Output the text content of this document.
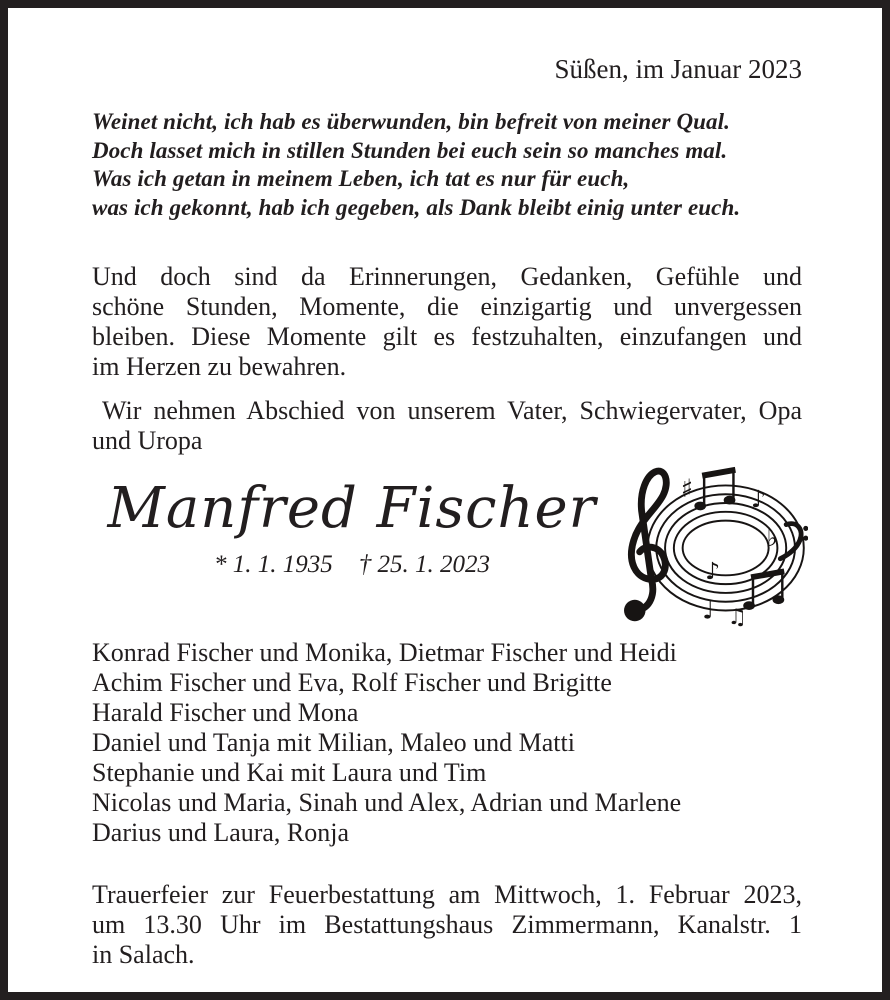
Süßen, im Januar 2023
Weinet nicht, ich hab es überwunden, bin befreit von meiner Qual.
Doch lasset mich in stillen Stunden bei euch sein so manches mal.
Was ich getan in meinem Leben, ich tat es nur für euch,
was ich gekonnt, hab ich gegeben, als Dank bleibt einig unter euch.
Und doch sind da Erinnerungen, Gedanken, Gefühle und
schöne Stunden, Momente, die einzigartig und unvergessen
bleiben. Diese Momente gilt es festzuhalten, einzufangen und
im Herzen zu bewahren.
Wir nehmen Abschied von unserem Vater, Schwiegervater, Opa
und Uropa
Manfred Fischer
* 1. 1. 1935 † 25. 1. 2023
♯ ♪
♭
♪
♩ ♫
Konrad Fischer und Monika, Dietmar Fischer und Heidi
Achim Fischer und Eva, Rolf Fischer und Brigitte
Harald Fischer und Mona
Daniel und Tanja mit Milian, Maleo und Matti
Stephanie und Kai mit Laura und Tim
Nicolas und Maria, Sinah und Alex, Adrian und Marlene
Darius und Laura, Ronja
Trauerfeier zur Feuerbestattung am Mittwoch, 1. Februar 2023,
um 13.30 Uhr im Bestattungshaus Zimmermann, Kanalstr. 1
in Salach.
